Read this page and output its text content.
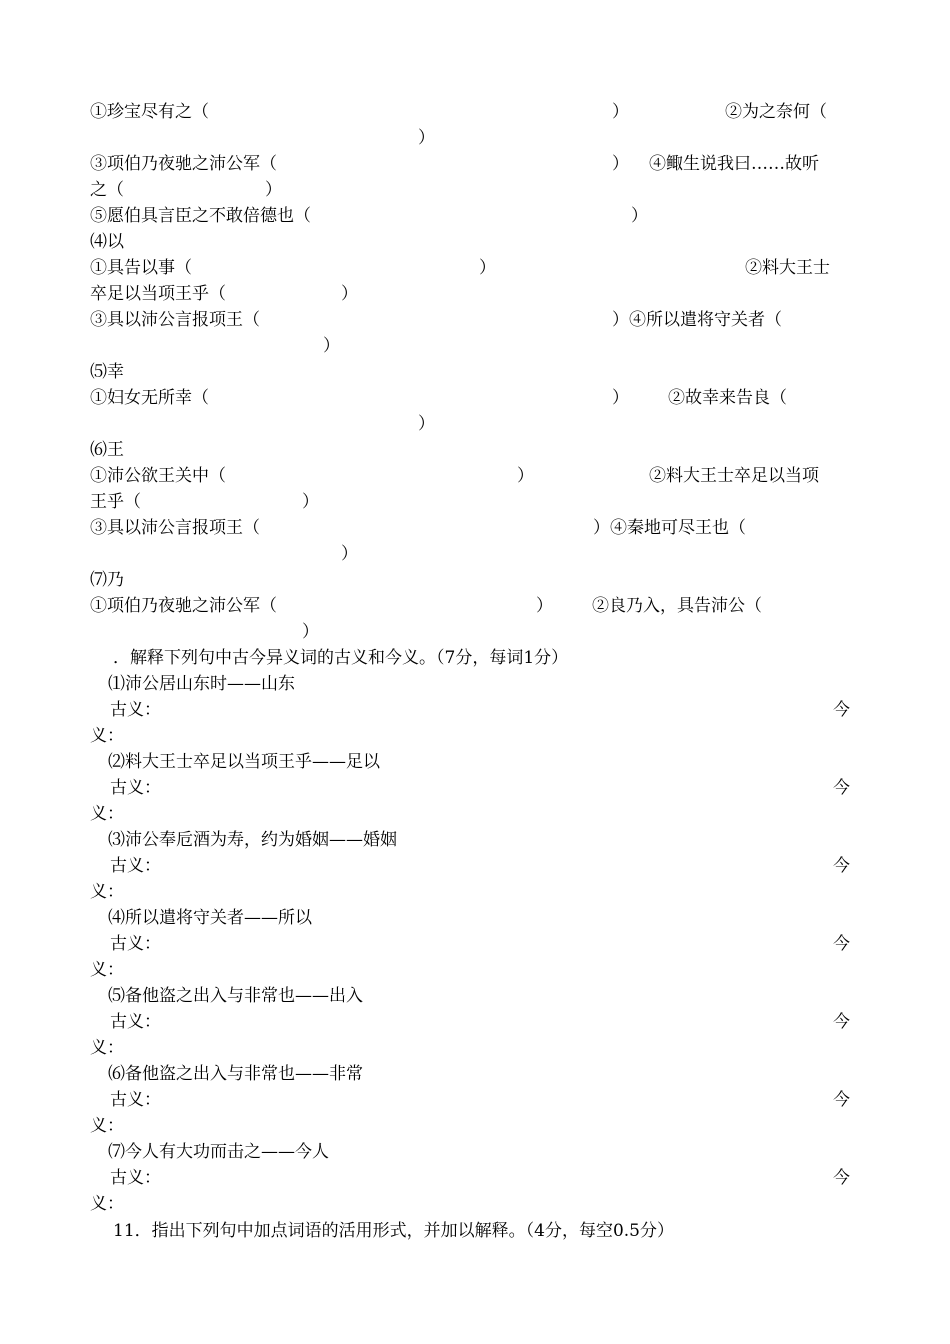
①珍宝尽有之（

	）

	②为之奈何（

）

③项伯乃夜驰之沛公军（

	）

④鲰生说我曰……故听

之（

	）

⑤愿伯具言臣之不敢倍德也（

	）

⑷以

①具告以事（

	）

	②料大王士

卒足以当项王乎（

	）

③具以沛公言报项王（

	）④所以遣将守关者（

）

⑸幸

①妇女无所幸（

	）

②故幸来告良（

）

⑹王

①沛公欲王关中（

	）

	②料大王士卒足以当项

王乎（

	）

③具以沛公言报项王（

	）④秦地可尽王也（

）

⑺乃

①项伯乃夜驰之沛公军（

	）

②良乃入，具告沛公（

）

．解释下列句中古今异义词的古义和今义。（7分，每词1分）
⑴沛公居山东时——山东

古义：

	今

义：
⑵料大王士卒足以当项王乎——足以

古义：

	今

义：
⑶沛公奉卮酒为寿，约为婚姻——婚姻

古义：

	今

义：
⑷所以遣将守关者——所以

古义：

	今

义：
⑸备他盗之出入与非常也——出入

古义：

	今

义：
⑹备他盗之出入与非常也——非常

古义：

	今

义：
⑺今人有大功而击之——今人

古义：

	今

义：
11．指出下列句中加点词语的活用形式，并加以解释。（4分，每空0.5分）
